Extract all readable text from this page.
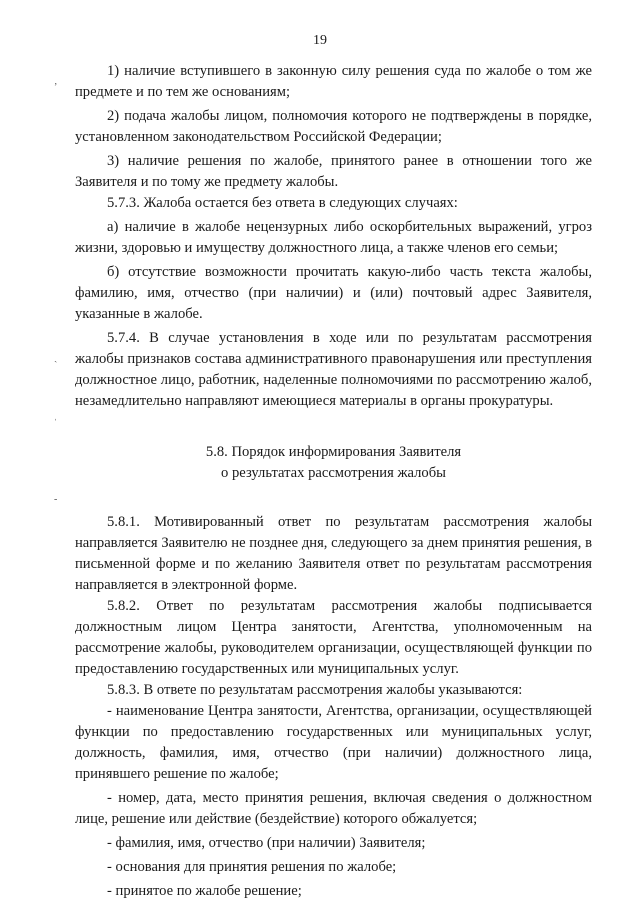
19

1) наличие вступившего в законную силу решения суда по жалобе о том же предмете и по тем же основаниям;

2) подача жалобы лицом, полномочия которого не подтверждены в порядке, установленном законодательством Российской Федерации;

3) наличие решения по жалобе, принятого ранее в отношении того же Заявителя и по тому же предмету жалобы.

5.7.3. Жалоба остается без ответа в следующих случаях:

а) наличие в жалобе нецензурных либо оскорбительных выражений, угроз жизни, здоровью и имуществу должностного лица, а также членов его семьи;

б) отсутствие возможности прочитать какую-либо часть текста жалобы, фамилию, имя, отчество (при наличии) и (или) почтовый адрес Заявителя, указанные в жалобе.

5.7.4. В случае установления в ходе или по результатам рассмотрения жалобы признаков состава административного правонарушения или преступления должностное лицо, работник, наделенные полномочиями по рассмотрению жалоб, незамедлительно направляют имеющиеся материалы в органы прокуратуры.

5.8. Порядок информирования Заявителя
о результатах рассмотрения жалобы

5.8.1. Мотивированный ответ по результатам рассмотрения жалобы направляется Заявителю не позднее дня, следующего за днем принятия решения, в письменной форме и по желанию Заявителя ответ по результатам рассмотрения направляется в электронной форме.

5.8.2. Ответ по результатам рассмотрения жалобы подписывается должностным лицом Центра занятости, Агентства, уполномоченным на рассмотрение жалобы, руководителем организации, осуществляющей функции по предоставлению государственных или муниципальных услуг.

5.8.3. В ответе по результатам рассмотрения жалобы указываются:

- наименование Центра занятости, Агентства, организации, осуществляющей функции по предоставлению государственных или муниципальных услуг, должность, фамилия, имя, отчество (при наличии) должностного лица, принявшего решение по жалобе;

- номер, дата, место принятия решения, включая сведения о должностном лице, решение или действие (бездействие) которого обжалуется;

- фамилия, имя, отчество (при наличии) Заявителя;

- основания для принятия решения по жалобе;

- принятое по жалобе решение;

ʼ
ˏ
ˈ
-
